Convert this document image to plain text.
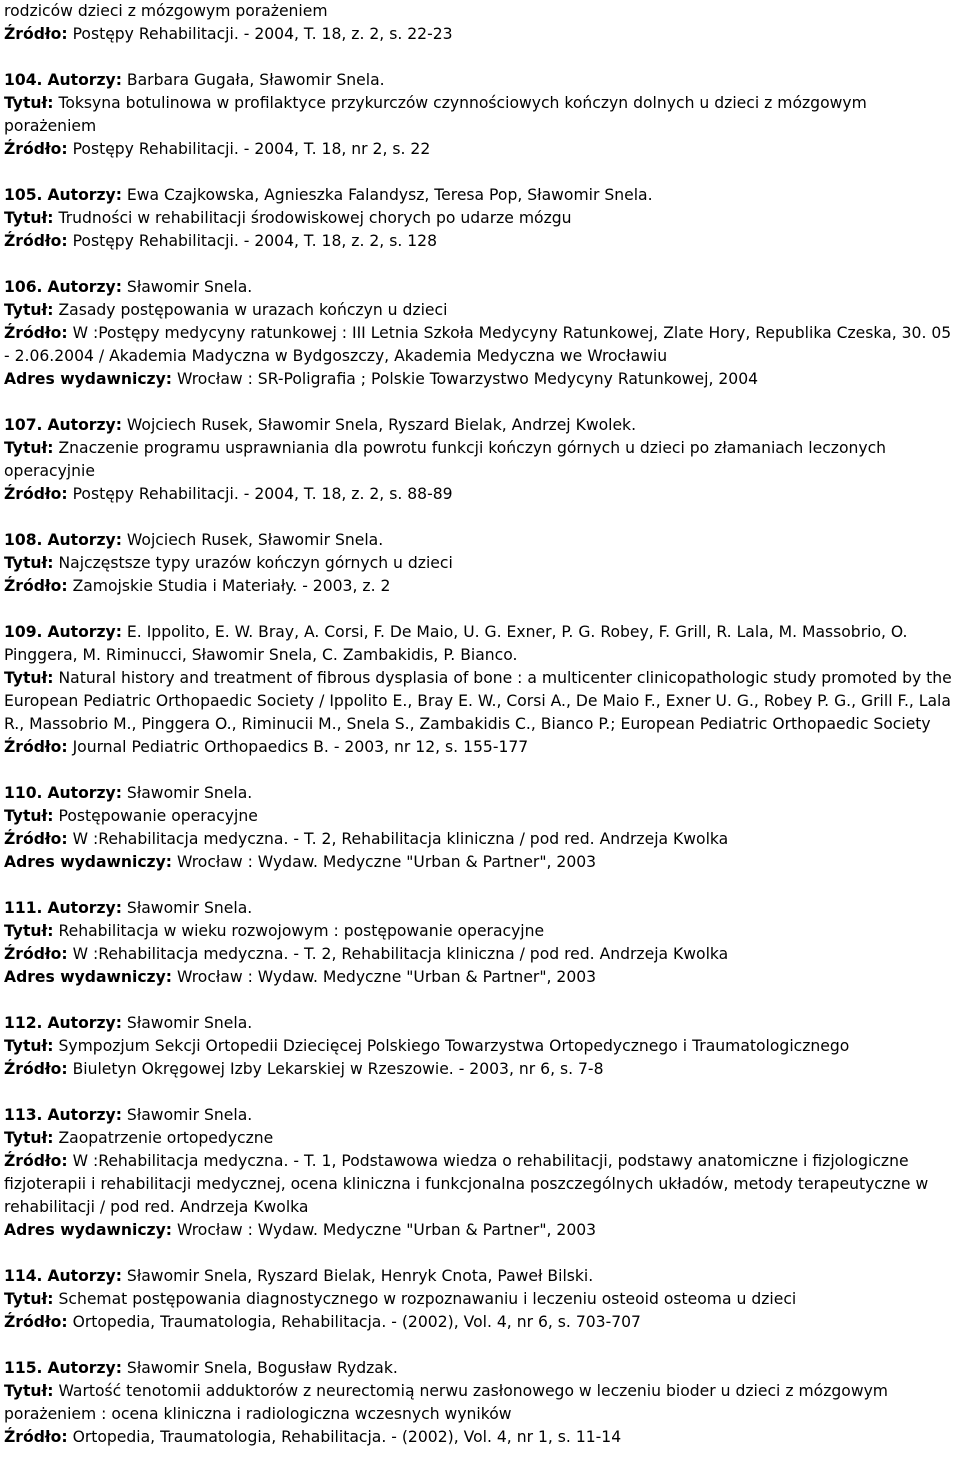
rodziców dzieci z mózgowym porażeniem
Źródło: Postępy Rehabilitacji. - 2004, T. 18, z. 2, s. 22-23
104. Autorzy: Barbara Gugała, Sławomir Snela.
Tytuł: Toksyna botulinowa w profilaktyce przykurczów czynnościowych kończyn dolnych u dzieci z mózgowym porażeniem
Źródło: Postępy Rehabilitacji. - 2004, T. 18, nr 2, s. 22
105. Autorzy: Ewa Czajkowska, Agnieszka Falandysz, Teresa Pop, Sławomir Snela.
Tytuł: Trudności w rehabilitacji środowiskowej chorych po udarze mózgu
Źródło: Postępy Rehabilitacji. - 2004, T. 18, z. 2, s. 128
106. Autorzy: Sławomir Snela.
Tytuł: Zasady postępowania w urazach kończyn u dzieci
Źródło: W :Postępy medycyny ratunkowej : III Letnia Szkoła Medycyny Ratunkowej, Zlate Hory, Republika Czeska, 30. 05 - 2.06.2004 / Akademia Madyczna w Bydgoszczy, Akademia Medyczna we Wrocławiu
Adres wydawniczy: Wrocław : SR-Poligrafia ; Polskie Towarzystwo Medycyny Ratunkowej, 2004
107. Autorzy: Wojciech Rusek, Sławomir Snela, Ryszard Bielak, Andrzej Kwolek.
Tytuł: Znaczenie programu usprawniania dla powrotu funkcji kończyn górnych u dzieci po złamaniach leczonych operacyjnie
Źródło: Postępy Rehabilitacji. - 2004, T. 18, z. 2, s. 88-89
108. Autorzy: Wojciech Rusek, Sławomir Snela.
Tytuł: Najczęstsze typy urazów kończyn górnych u dzieci
Źródło: Zamojskie Studia i Materiały. - 2003, z. 2
109. Autorzy: E. Ippolito, E. W. Bray, A. Corsi, F. De Maio, U. G. Exner, P. G. Robey, F. Grill, R. Lala, M. Massobrio, O. Pinggera, M. Riminucci, Sławomir Snela, C. Zambakidis, P. Bianco.
Tytuł: Natural history and treatment of fibrous dysplasia of bone : a multicenter clinicopathologic study promoted by the European Pediatric Orthopaedic Society / Ippolito E., Bray E. W., Corsi A., De Maio F., Exner U. G., Robey P. G., Grill F., Lala R., Massobrio M., Pinggera O., Riminucii M., Snela S., Zambakidis C., Bianco P.; European Pediatric Orthopaedic Society
Źródło: Journal Pediatric Orthopaedics B. - 2003, nr 12, s. 155-177
110. Autorzy: Sławomir Snela.
Tytuł: Postępowanie operacyjne
Źródło: W :Rehabilitacja medyczna. - T. 2, Rehabilitacja kliniczna / pod red. Andrzeja Kwolka
Adres wydawniczy: Wrocław : Wydaw. Medyczne "Urban & Partner", 2003
111. Autorzy: Sławomir Snela.
Tytuł: Rehabilitacja w wieku rozwojowym : postępowanie operacyjne
Źródło: W :Rehabilitacja medyczna. - T. 2, Rehabilitacja kliniczna / pod red. Andrzeja Kwolka
Adres wydawniczy: Wrocław : Wydaw. Medyczne "Urban & Partner", 2003
112. Autorzy: Sławomir Snela.
Tytuł: Sympozjum Sekcji Ortopedii Dziecięcej Polskiego Towarzystwa Ortopedycznego i Traumatologicznego
Źródło: Biuletyn Okręgowej Izby Lekarskiej w Rzeszowie. - 2003, nr 6, s. 7-8
113. Autorzy: Sławomir Snela.
Tytuł: Zaopatrzenie ortopedyczne
Źródło: W :Rehabilitacja medyczna. - T. 1, Podstawowa wiedza o rehabilitacji, podstawy anatomiczne i fizjologiczne fizjoterapii i rehabilitacji medycznej, ocena kliniczna i funkcjonalna poszczególnych układów, metody terapeutyczne w rehabilitacji / pod red. Andrzeja Kwolka
Adres wydawniczy: Wrocław : Wydaw. Medyczne "Urban & Partner", 2003
114. Autorzy: Sławomir Snela, Ryszard Bielak, Henryk Cnota, Paweł Bilski.
Tytuł: Schemat postępowania diagnostycznego w rozpoznawaniu i leczeniu osteoid osteoma u dzieci
Źródło: Ortopedia, Traumatologia, Rehabilitacja. - (2002), Vol. 4, nr 6, s. 703-707
115. Autorzy: Sławomir Snela, Bogusław Rydzak.
Tytuł: Wartość tenotomii adduktorów z neurectomią nerwu zasłonowego w leczeniu bioder u dzieci z mózgowym porażeniem : ocena kliniczna i radiologiczna wczesnych wyników
Źródło: Ortopedia, Traumatologia, Rehabilitacja. - (2002), Vol. 4, nr 1, s. 11-14
